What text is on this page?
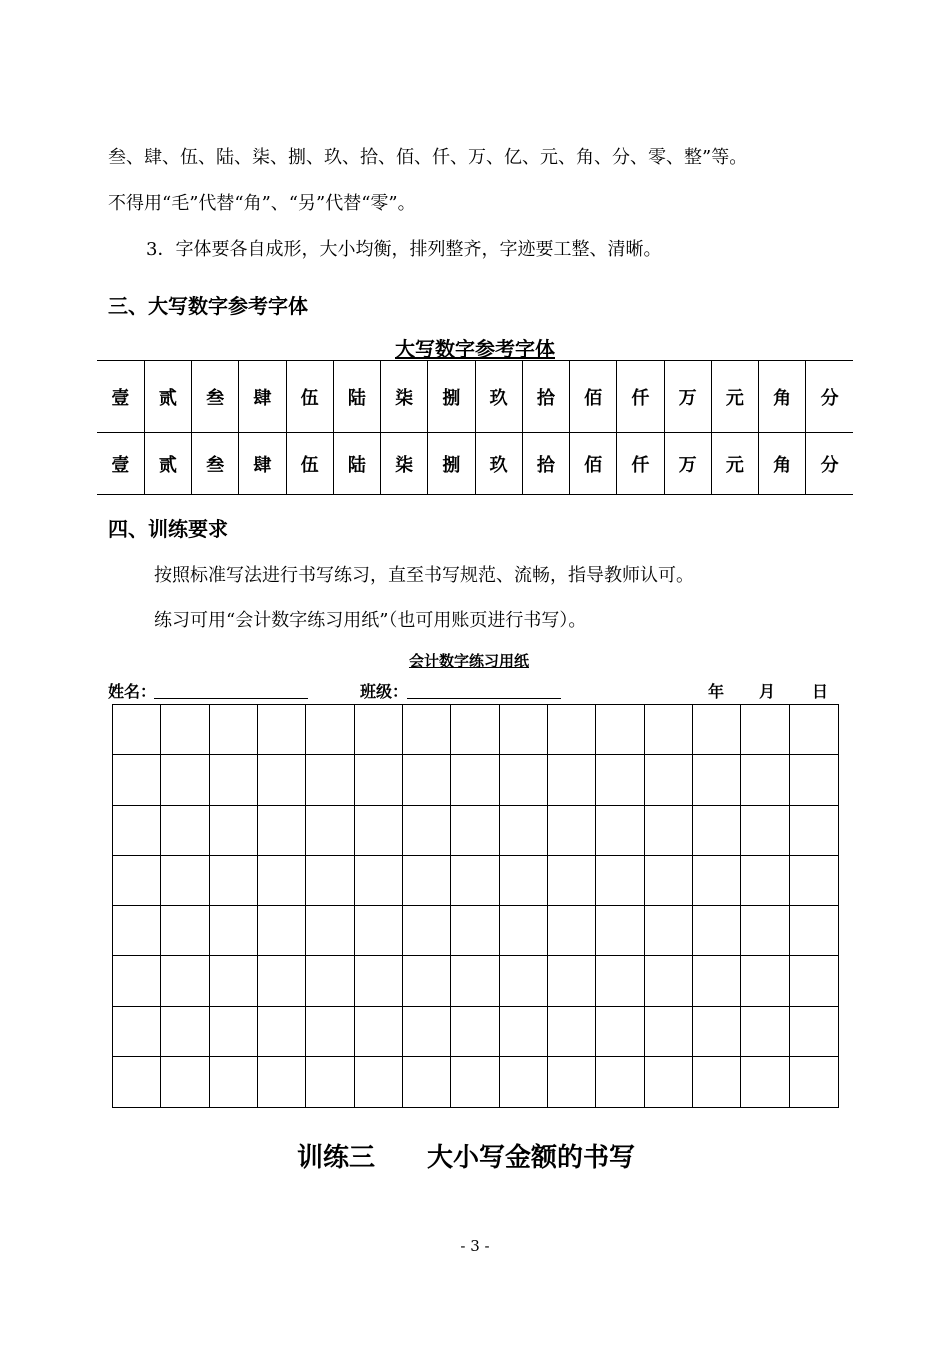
叁、肆、伍、陆、柒、捌、玖、拾、佰、仟、万、亿、元、角、分、零、整”等。
不得用“毛”代替“角”、“另”代替“零”。
3．字体要各自成形，大小均衡，排列整齐，字迹要工整、清晰。
三、大写数字参考字体
大写数字参考字体
壹	贰	叁	肆	伍	陆	柒	捌	玖	拾	佰	仟	万	元	角	分
壹	贰	叁	肆	伍	陆	柒	捌	玖	拾	佰	仟	万	元	角	分
四、训练要求
按照标准写法进行书写练习，直至书写规范、流畅，指导教师认可。
练习可用“会计数字练习用纸”（也可用账页进行书写）。
会计数字练习用纸
姓名：	班级：	年 月 日
训练三 大小写金额的书写
- 3 -
